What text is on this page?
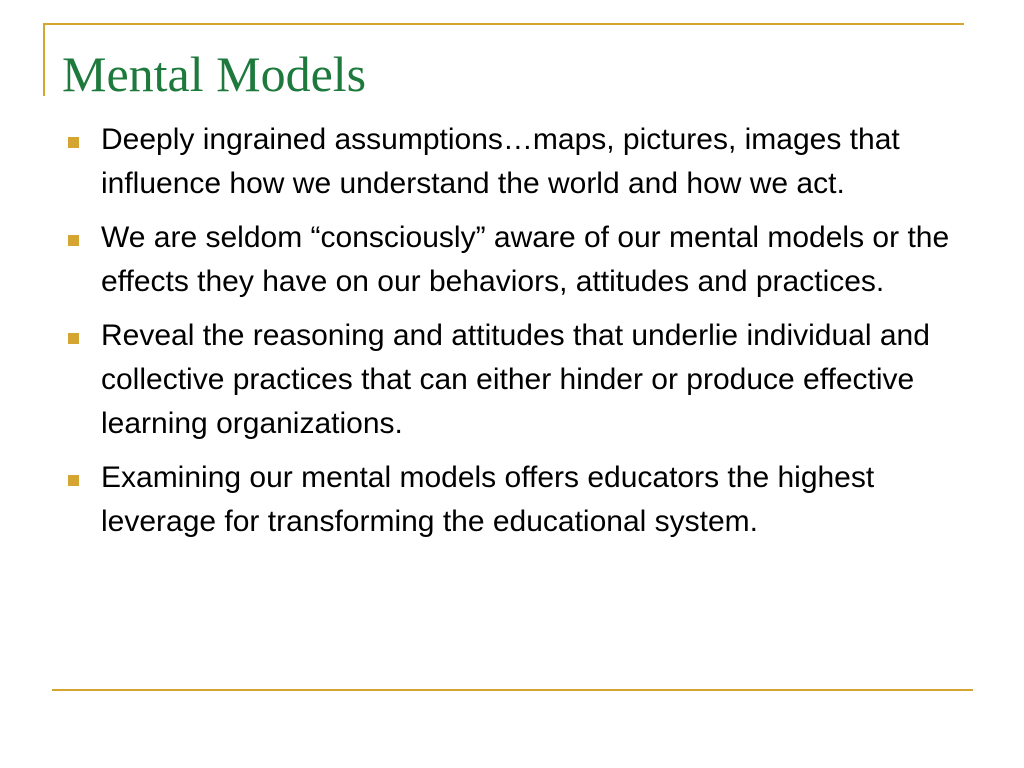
Mental Models
Deeply ingrained assumptions…maps, pictures, images that influence how we understand the world and how we act.
We are seldom “consciously” aware of our mental models or the effects they have on our behaviors, attitudes and practices.
Reveal the reasoning and attitudes that underlie individual and collective practices that can either hinder or produce effective learning organizations.
Examining our mental models offers educators the highest leverage for transforming the educational system.
